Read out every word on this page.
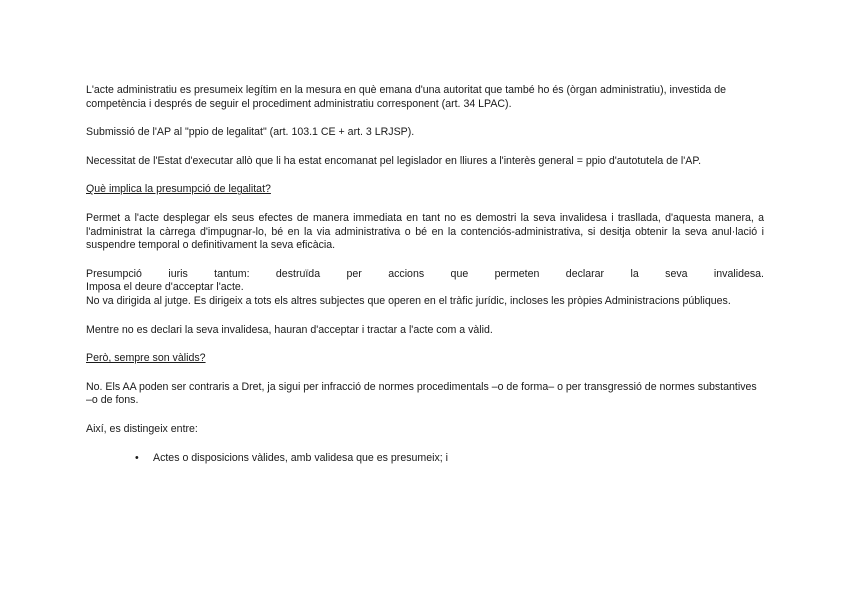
L'acte administratiu es presumeix legítim en la mesura en què emana d'una autoritat que també ho és (òrgan administratiu), investida de competència i després de seguir el procediment administratiu corresponent (art. 34 LPAC).

Submissió de l'AP al "ppio de legalitat" (art. 103.1 CE + art. 3 LRJSP).

Necessitat de l'Estat d'executar allò que li ha estat encomanat pel legislador en lliures a l'interès general = ppio d'autotutela de l'AP.

Què implica la presumpció de legalitat?

Permet a l'acte desplegar els seus efectes de manera immediata en tant no es demostri la seva invalidesa i trasllada, d'aquesta manera, a l'administrat la càrrega d'impugnar-lo, bé en la via administrativa o bé en la contenciós-administrativa, si desitja obtenir la seva anul·lació i suspendre temporal o definitivament la seva eficàcia.

Presumpció iuris tantum: destruïda per accions que permeten declarar la seva invalidesa.

Imposa el deure d'acceptar l'acte.

No va dirigida al jutge. Es dirigeix a tots els altres subjectes que operen en el tràfic jurídic, incloses les pròpies Administracions públiques.

Mentre no es declari la seva invalidesa, hauran d'acceptar i tractar a l'acte com a vàlid.

Però, sempre son vàlids?

No. Els AA poden ser contraris a Dret, ja sigui per infracció de normes procedimentals –o de forma– o per transgressió de normes substantives –o de fons.

Així, es distingeix entre:

• Actes o disposicions vàlides, amb validesa que es presumeix; i
